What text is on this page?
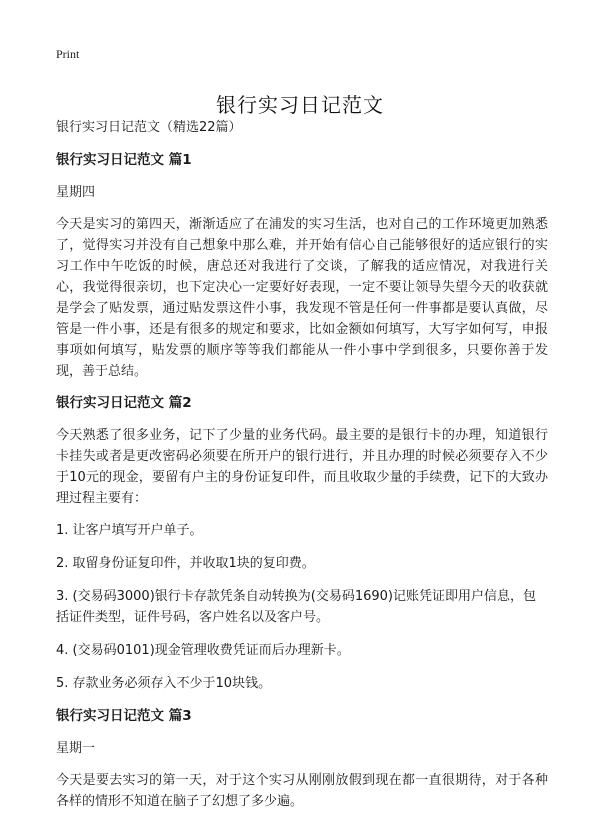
Print
银行实习日记范文

银行实习日记范文（精选22篇）

银行实习日记范文 篇1

星期四

今天是实习的第四天，渐渐适应了在浦发的实习生活，也对自己的工作环境更加熟悉了，觉得实习并没有自己想象中那么难，并开始有信心自己能够很好的适应银行的实习工作中午吃饭的时候，唐总还对我进行了交谈，了解我的适应情况，对我进行关心，我觉得很亲切，也下定决心一定要好好表现，一定不要让领导失望今天的收获就是学会了贴发票，通过贴发票这件小事，我发现不管是任何一件事都是要认真做，尽管是一件小事，还是有很多的规定和要求，比如金额如何填写，大写字如何写，申报事项如何填写，贴发票的顺序等等我们都能从一件小事中学到很多，只要你善于发现，善于总结。

银行实习日记范文 篇2

今天熟悉了很多业务，记下了少量的业务代码。最主要的是银行卡的办理，知道银行卡挂失或者是更改密码必须要在所开户的银行进行，并且办理的时候必须要存入不少于10元的现金，要留有户主的身份证复印件，而且收取少量的手续费，记下的大致办理过程主要有：

1. 让客户填写开户单子。

2. 取留身份证复印件，并收取1块的复印费。

3. (交易码3000)银行卡存款凭条自动转换为(交易码1690)记账凭证即用户信息，包括证件类型，证件号码，客户姓名以及客户号。

4. (交易码0101)现金管理收费凭证而后办理新卡。

5. 存款业务必须存入不少于10块钱。

银行实习日记范文 篇3

星期一

今天是要去实习的第一天，对于这个实习从刚刚放假到现在都一直很期待，对于各种各样的情形不知道在脑子了幻想了多少遍。
